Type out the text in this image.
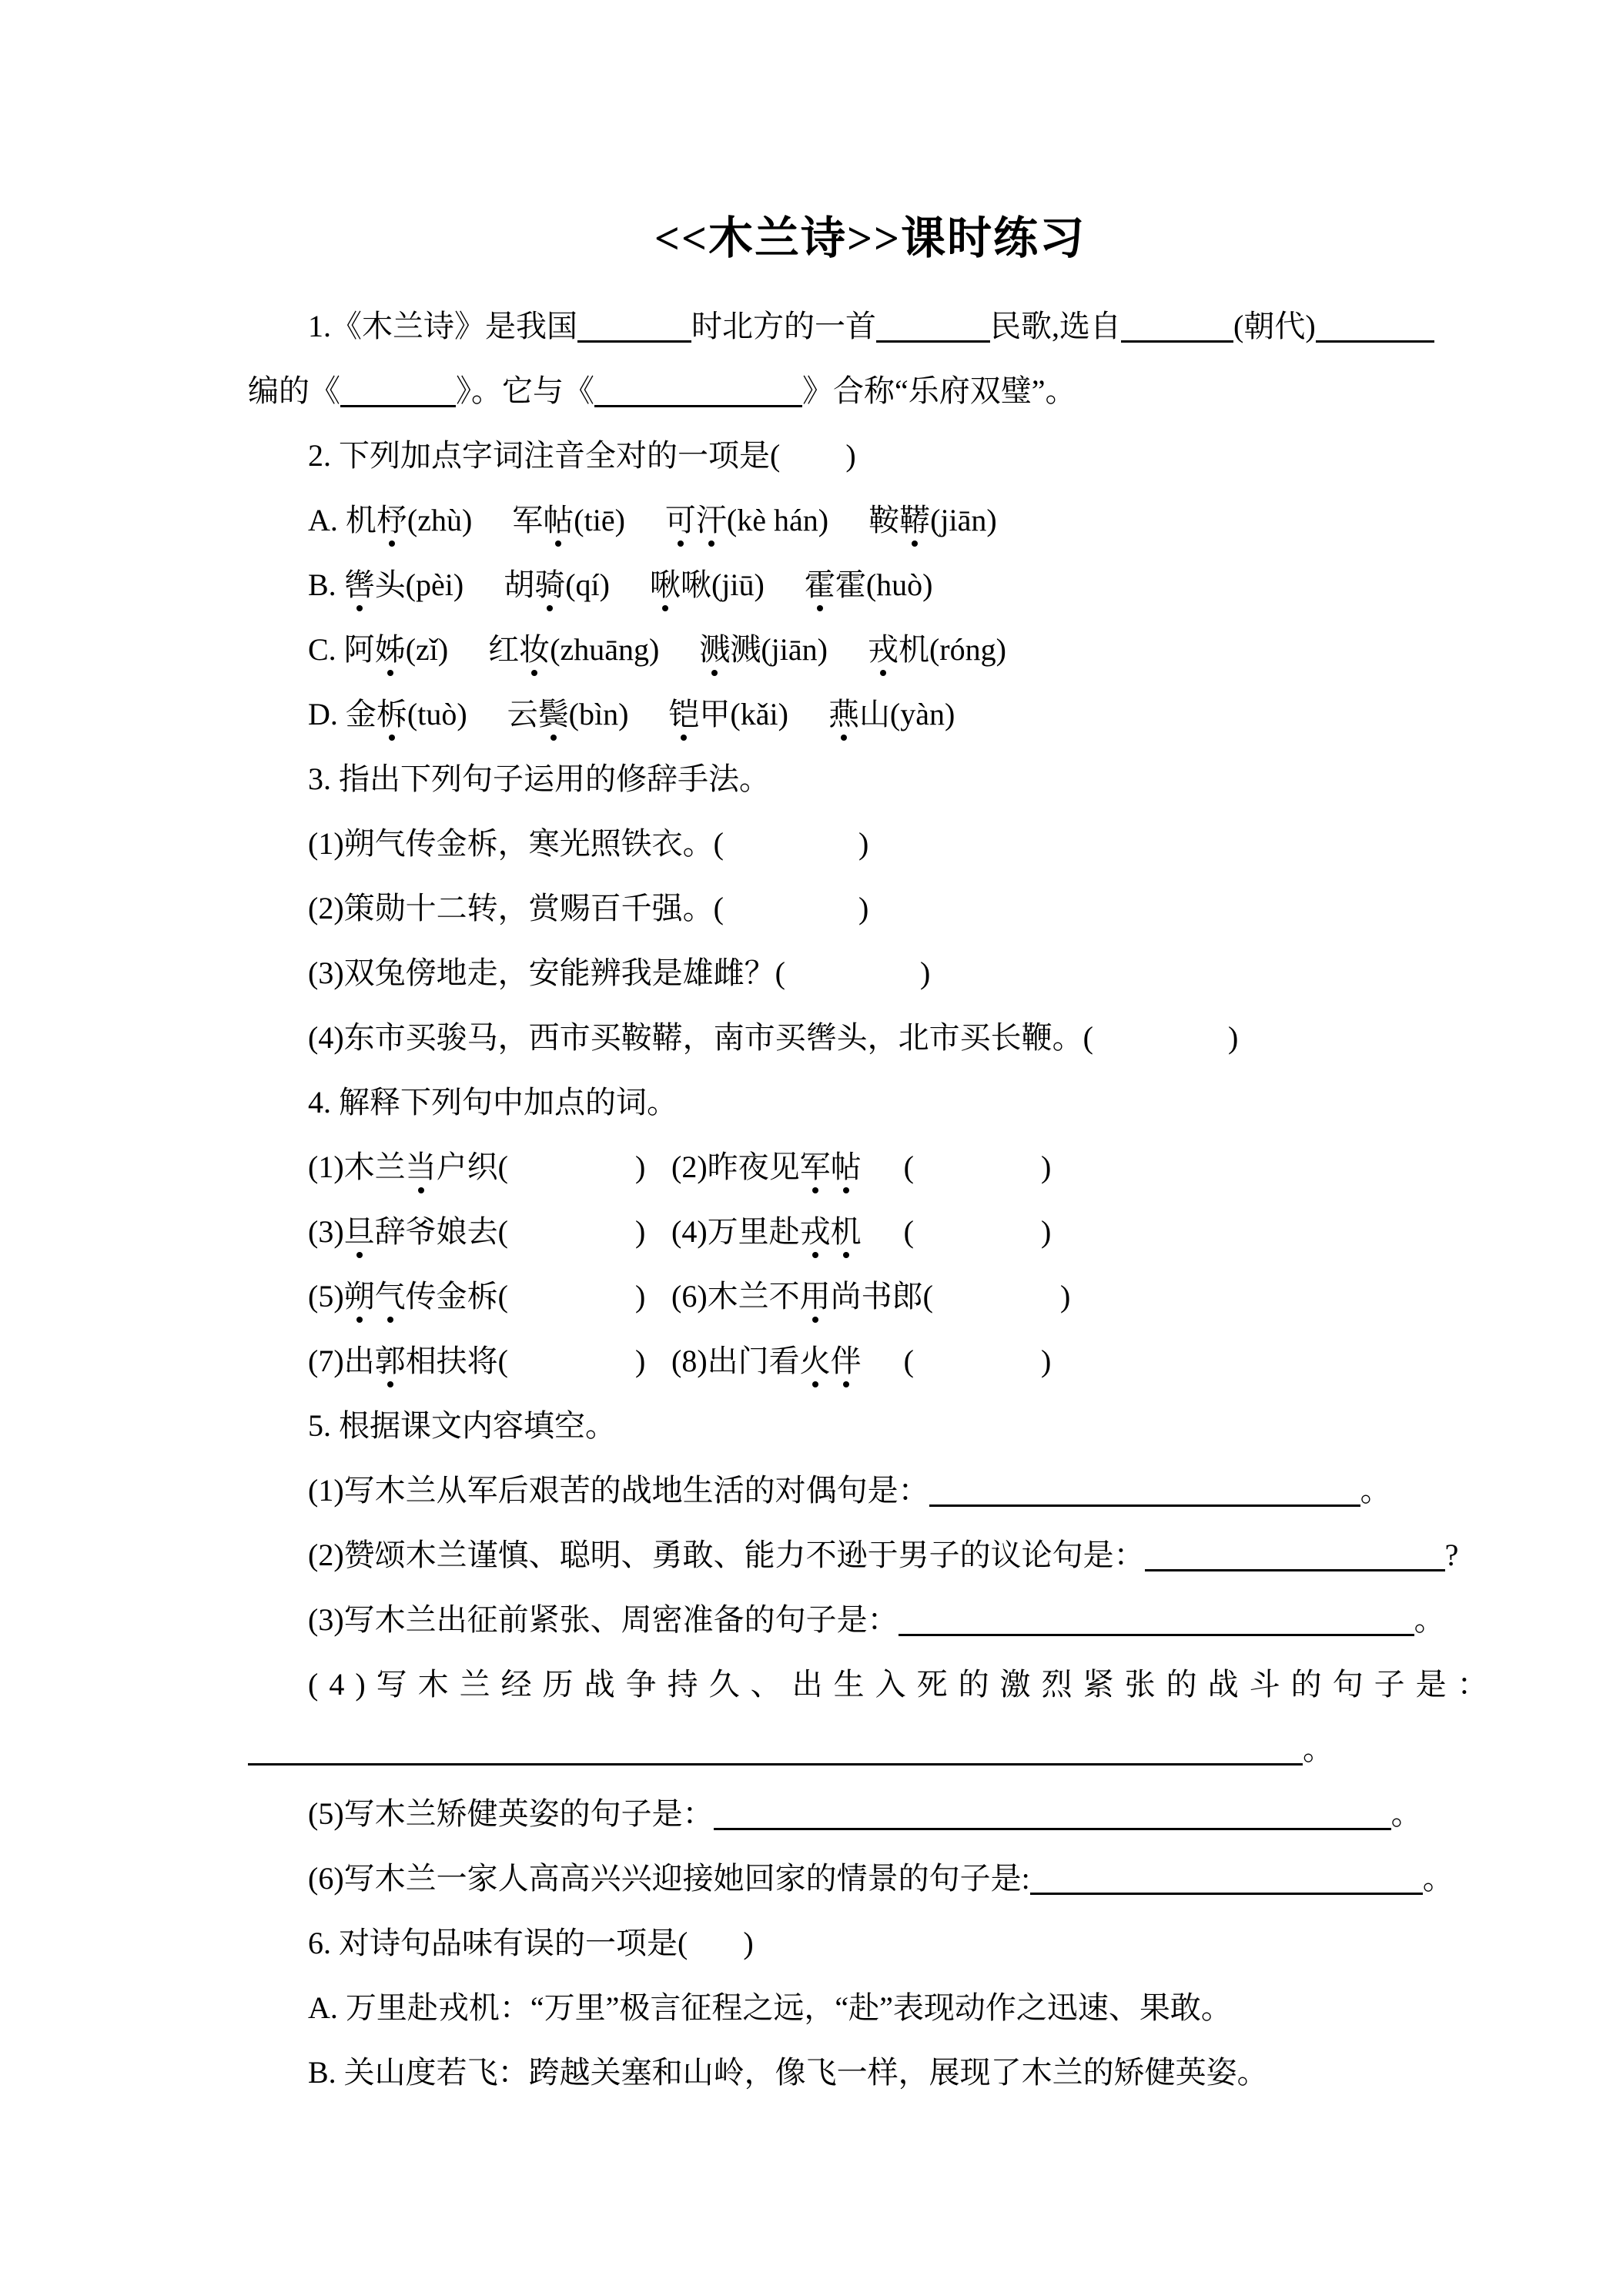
<<木兰诗>>课时练习

1.《木兰诗》是我国	时北方的一首	民歌,选自	(朝代)

编的《	》。它与《	》合称“乐府双璧”。

2. 下列加点字词注音全对的一项是( )

A. 机杼(zhù) 军帖(tiē) 可汗(kè hán) 鞍鞯(jiān)

B. 辔头(pèi) 胡骑(qí) 啾啾(jiū) 霍霍(huò)

C. 阿姊(zǐ) 红妆(zhuāng) 溅溅(jiān) 戎机(róng)

D. 金柝(tuò) 云鬓(bìn) 铠甲(kǎi) 燕山(yàn)

3. 指出下列句子运用的修辞手法。

(1)朔气传金柝，寒光照铁衣。(	)

(2)策勋十二转，赏赐百千强。(	)

(3)双兔傍地走，安能辨我是雄雌？(	)

(4)东市买骏马，西市买鞍鞯，南市买辔头，北市买长鞭。(	)

4. 解释下列句中加点的词。

(1)木兰当户织(	) (2)昨夜见军帖 (	)

(3)旦辞爷娘去(	) (4)万里赴戎机 (	)

(5)朔气传金柝(	) (6)木兰不用尚书郎(	)

(7)出郭相扶将(	) (8)出门看火伴 (	)

5. 根据课文内容填空。

(1)写木兰从军后艰苦的战地生活的对偶句是：	。

(2)赞颂木兰谨慎、聪明、勇敢、能力不逊于男子的议论句是：	?

(3)写木兰出征前紧张、周密准备的句子是：	。

(4)写木兰经历战争持久、出生入死的激烈紧张的战斗的句子是：

。

(5)写木兰矫健英姿的句子是：	。

(6)写木兰一家人高高兴兴迎接她回家的情景的句子是:	。

6. 对诗句品味有误的一项是( )

A. 万里赴戎机：“万里”极言征程之远，“赴”表现动作之迅速、果敢。

B. 关山度若飞：跨越关塞和山岭，像飞一样，展现了木兰的矫健英姿。
